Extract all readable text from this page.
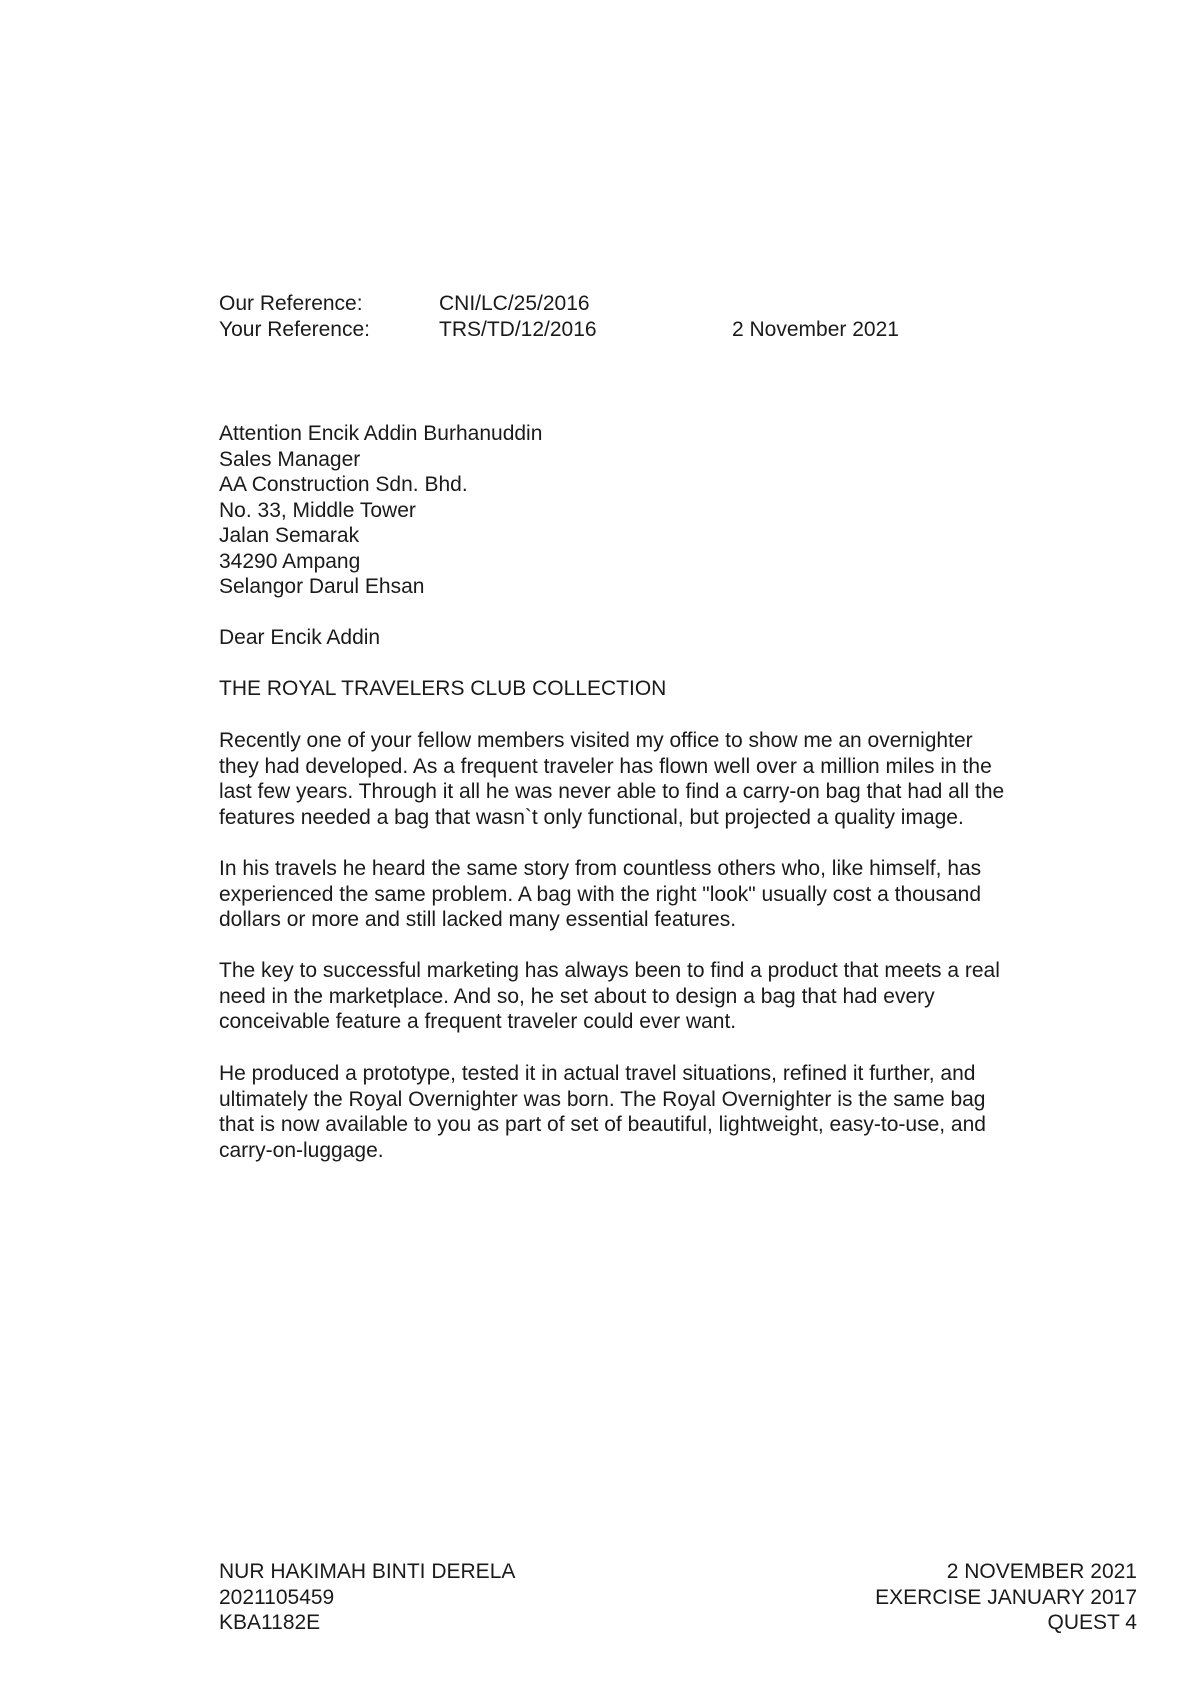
Our Reference:	CNI/LC/25/2016
Your Reference:	TRS/TD/12/2016	2 November 2021
Attention Encik Addin Burhanuddin
Sales Manager
AA Construction Sdn. Bhd.
No. 33, Middle Tower
Jalan Semarak
34290 Ampang
Selangor Darul Ehsan
Dear Encik Addin
THE ROYAL TRAVELERS CLUB COLLECTION
Recently one of your fellow members visited my office to show me an overnighter
they had developed. As a frequent traveler has flown well over a million miles in the
last few years. Through it all he was never able to find a carry-on bag that had all the
features needed a bag that wasn`t only functional, but projected a quality image.
In his travels he heard the same story from countless others who, like himself, has
experienced the same problem. A bag with the right "look" usually cost a thousand
dollars or more and still lacked many essential features.
The key to successful marketing has always been to find a product that meets a real
need in the marketplace. And so, he set about to design a bag that had every
conceivable feature a frequent traveler could ever want.
He produced a prototype, tested it in actual travel situations, refined it further, and
ultimately the Royal Overnighter was born. The Royal Overnighter is the same bag
that is now available to you as part of set of beautiful, lightweight, easy-to-use, and
carry-on-luggage.
NUR HAKIMAH BINTI DERELA
2021105459
KBA1182E
2 NOVEMBER 2021
EXERCISE JANUARY 2017
QUEST 4
